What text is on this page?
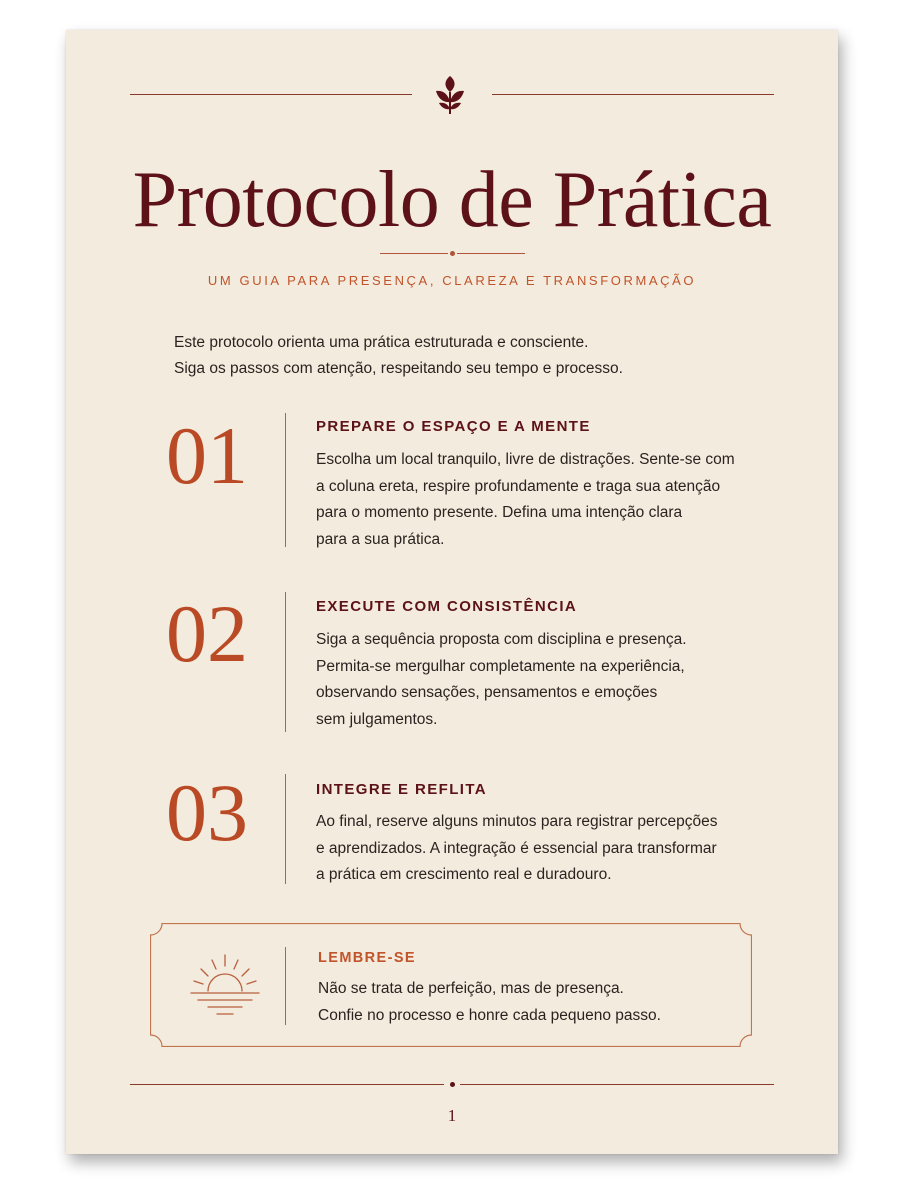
Protocolo de Prática
UM GUIA PARA PRESENÇA, CLAREZA E TRANSFORMAÇÃO
Este protocolo orienta uma prática estruturada e consciente.
Siga os passos com atenção, respeitando seu tempo e processo.
01	PREPARE O ESPAÇO E A MENTE
Escolha um local tranquilo, livre de distrações. Sente-se com
a coluna ereta, respire profundamente e traga sua atenção
para o momento presente. Defina uma intenção clara
para a sua prática.
02	EXECUTE COM CONSISTÊNCIA
Siga a sequência proposta com disciplina e presença.
Permita-se mergulhar completamente na experiência,
observando sensações, pensamentos e emoções
sem julgamentos.
03	INTEGRE E REFLITA
Ao final, reserve alguns minutos para registrar percepções
e aprendizados. A integração é essencial para transformar
a prática em crescimento real e duradouro.
LEMBRE-SE
Não se trata de perfeição, mas de presença.
Confie no processo e honre cada pequeno passo.
1
